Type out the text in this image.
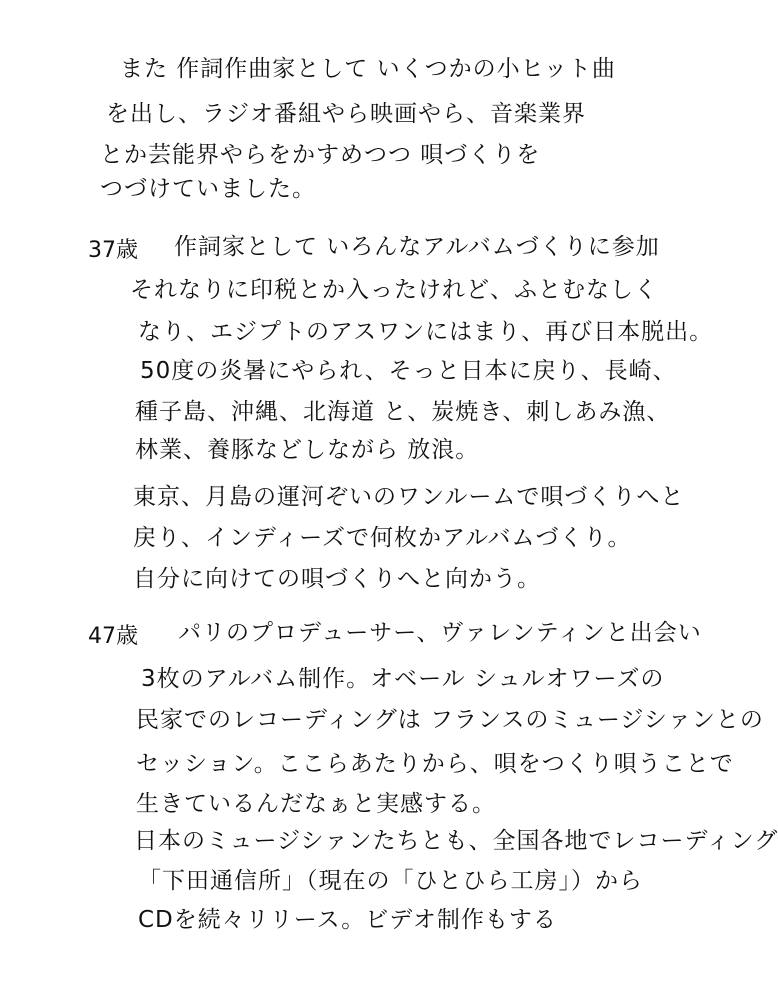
また 作詞作曲家として いくつかの小ヒット曲
を出し、ラジオ番組やら映画やら、音楽業界
とか芸能界やらをかすめつつ 唄づくりを
つづけていました。
37歳 作詞家として いろんなアルバムづくりに参加
それなりに印税とか入ったけれど、ふとむなしく
なり、エジプトのアスワンにはまり、再び日本脱出。
50度の炎暑にやられ、そっと日本に戻り、長崎、
種子島、沖縄、北海道 と、炭焼き、刺しあみ漁、
林業、養豚などしながら 放浪。
東京、月島の運河ぞいのワンルームで唄づくりへと
戻り、インディーズで何枚かアルバムづくり。
自分に向けての唄づくりへと向かう。
47歳 パリのプロデューサー、ヴァレンティンと出会い
3枚のアルバム制作。オベール シュルオワーズの
民家でのレコーディングは フランスのミュージシァンとの
セッション。ここらあたりから、唄をつくり唄うことで
生きているんだなぁと実感する。
日本のミュージシァンたちとも、全国各地でレコーディング
「下田通信所」（現在の「ひとひら工房」）から
CDを続々リリース。ビデオ制作もする
